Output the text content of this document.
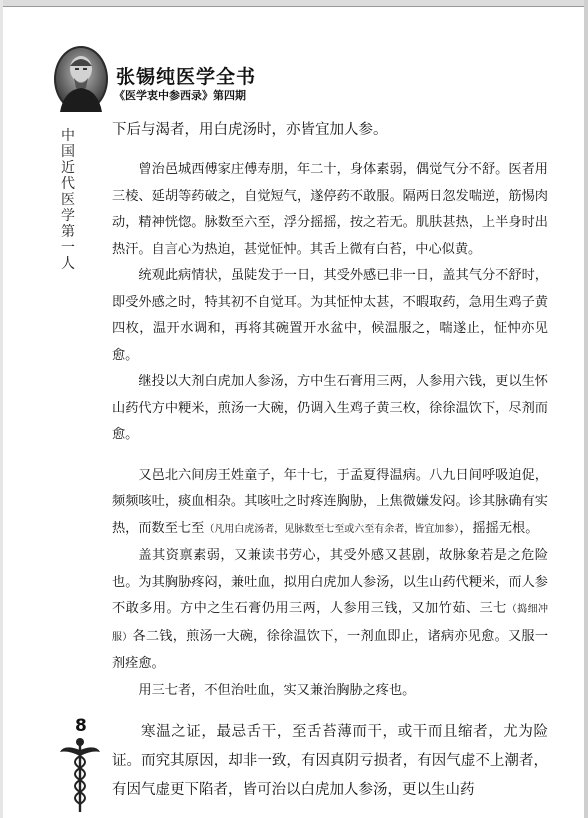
张锡纯医学全书
《医学衷中参西录》第四期
中国近代医学第一人
8

下后与渴者，用白虎汤时，亦皆宜加人参。

曾治邑城西傅家庄傅寿朋，年二十，身体素弱，偶觉气分不舒。医者用三棱、延胡等药破之，自觉短气，遂停药不敢服。隔两日忽发喘逆，筋惕肉动，精神恍惚。脉数至六至，浮分摇摇，按之若无。肌肤甚热，上半身时出热汗。自言心为热迫，甚觉怔忡。其舌上微有白苔，中心似黄。

统观此病情状，虽陡发于一日，其受外感已非一日，盖其气分不舒时，即受外感之时，特其初不自觉耳。为其怔忡太甚，不暇取药，急用生鸡子黄四枚，温开水调和，再将其碗置开水盆中，候温服之，喘遂止，怔忡亦见愈。

继投以大剂白虎加人参汤，方中生石膏用三两，人参用六钱，更以生怀山药代方中粳米，煎汤一大碗，仍调入生鸡子黄三枚，徐徐温饮下，尽剂而愈。

又邑北六间房王姓童子，年十七，于孟夏得温病。八九日间呼吸迫促，频频咳吐，痰血相杂。其咳吐之时疼连胸胁，上焦微嫌发闷。诊其脉确有实热，而数至七至（凡用白虎汤者，见脉数至七至或六至有余者，皆宜加参），摇摇无根。

盖其资禀素弱，又兼读书劳心，其受外感又甚剧，故脉象若是之危险也。为其胸胁疼闷，兼吐血，拟用白虎加人参汤，以生山药代粳米，而人参不敢多用。方中之生石膏仍用三两，人参用三钱，又加竹茹、三七（捣细冲服）各二钱，煎汤一大碗，徐徐温饮下，一剂血即止，诸病亦见愈。又服一剂痊愈。

用三七者，不但治吐血，实又兼治胸胁之疼也。

寒温之证，最忌舌干，至舌苔薄而干，或干而且缩者，尤为险证。而究其原因，却非一致，有因真阴亏损者，有因气虚不上潮者，有因气虚更下陷者，皆可治以白虎加人参汤，更以生山药
